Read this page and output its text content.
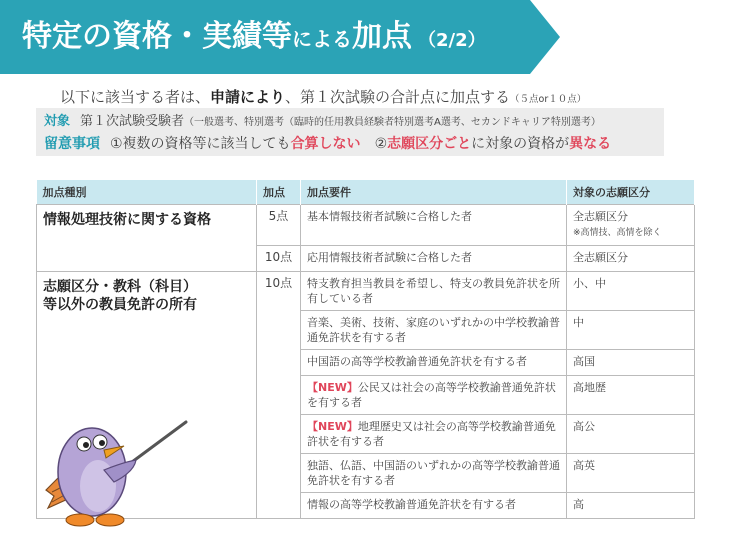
特定の資格・実績等による加点 （2/2）
以下に該当する者は、申請により、第１次試験の合計点に加点する（５点or１０点）
対象 第１次試験受験者（一般選考、特別選考（臨時的任用教員経験者特別選考A選考、セカンドキャリア特別選考）
留意事項 ①複数の資格等に該当しても合算しない　 ②志願区分ごとに対象の資格が異なる
加点種別	加点	加点要件	対象の志願区分
情報処理技術に関する資格	5点	基本情報技術者試験に合格した者	全志願区分
※高情技、高情を除く
	10点	応用情報技術者試験に合格した者	全志願区分
志願区分・教科（科目）
等以外の教員免許の所有	10点	特支教育担当教員を希望し、特支の教員免許状を所有している者	小、中
		音楽、美術、技術、家庭のいずれかの中学校教諭普通免許状を有する者	中
		中国語の高等学校教諭普通免許状を有する者	高国
		【NEW】公民又は社会の高等学校教諭普通免許状を有する者	高地歴
		【NEW】地理歴史又は社会の高等学校教諭普通免許状を有する者	高公
		独語、仏語、中国語のいずれかの高等学校教諭普通免許状を有する者	高英
		情報の高等学校教諭普通免許状を有する者	高
